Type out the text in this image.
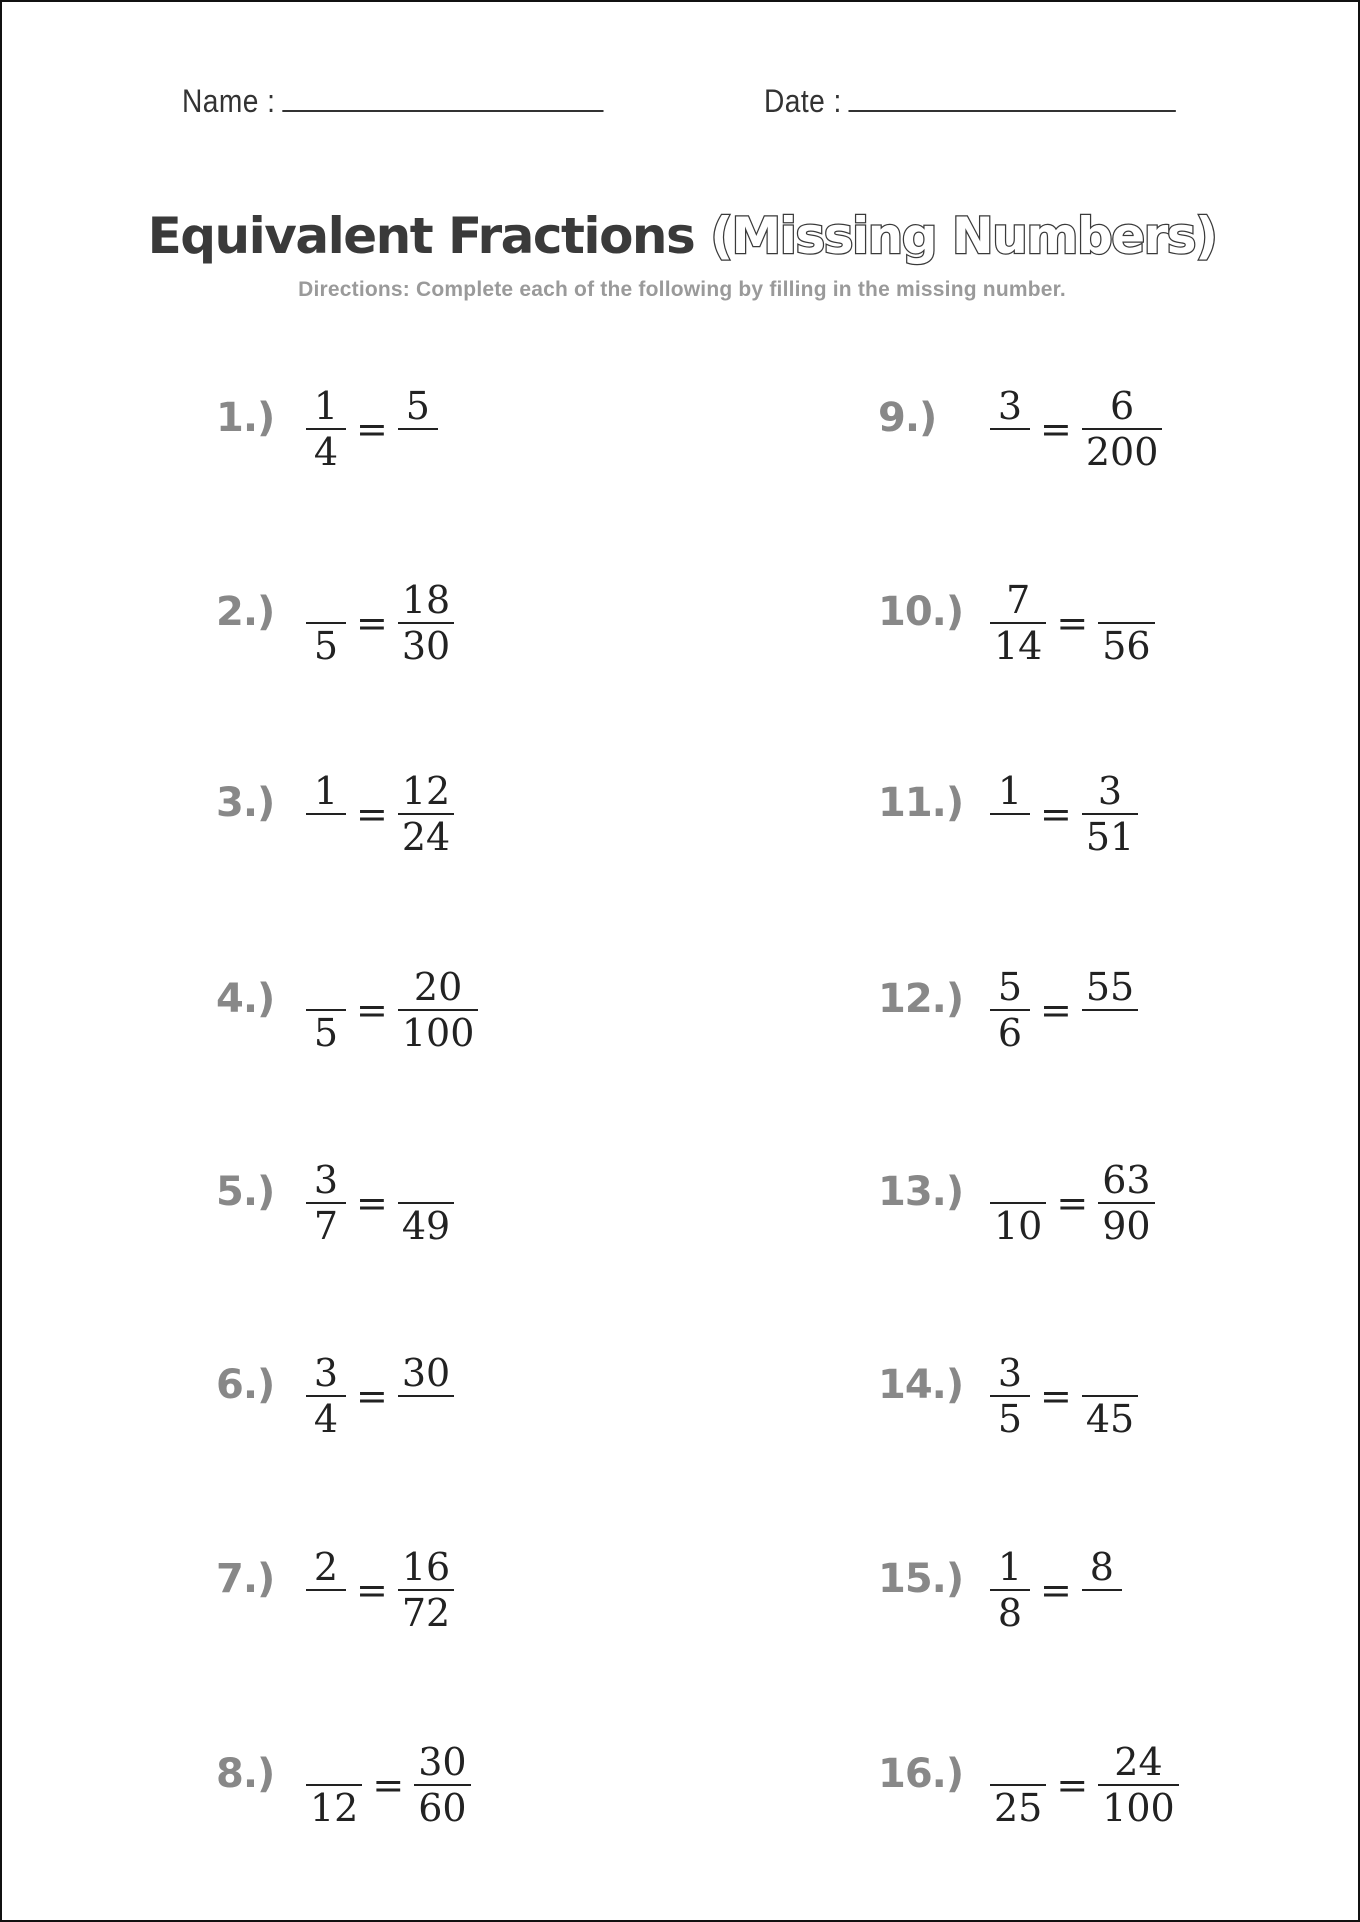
Name :	Date :
Equivalent Fractions (Missing Numbers)
Directions: Complete each of the following by filling in the missing number.
$1.) \frac{1}{4}$ =
5
2.)
5
= $\frac{18}{30}$
3.) 1
= $\frac{12}{24}$
4.)
5
= $\frac{20}{100}$
$5.) \frac{3}{7}$ =
49
$6.) \frac{3}{4}$ =
30
7.) 2
= $\frac{16}{72}$
8.)
12
= $\frac{30}{60}$
9.) 3
= $\frac{6}{200}$
$10.) \frac{7}{14}$ =
56
11.) 1
= $\frac{3}{51}$
$12.) \frac{5}{6}$ =
55
13.)
10
= $\frac{63}{90}$
$14.) \frac{3}{5}$ =
45
$15.) \frac{1}{8}$ =
8
16.)
25
= $\frac{24}{100}$
